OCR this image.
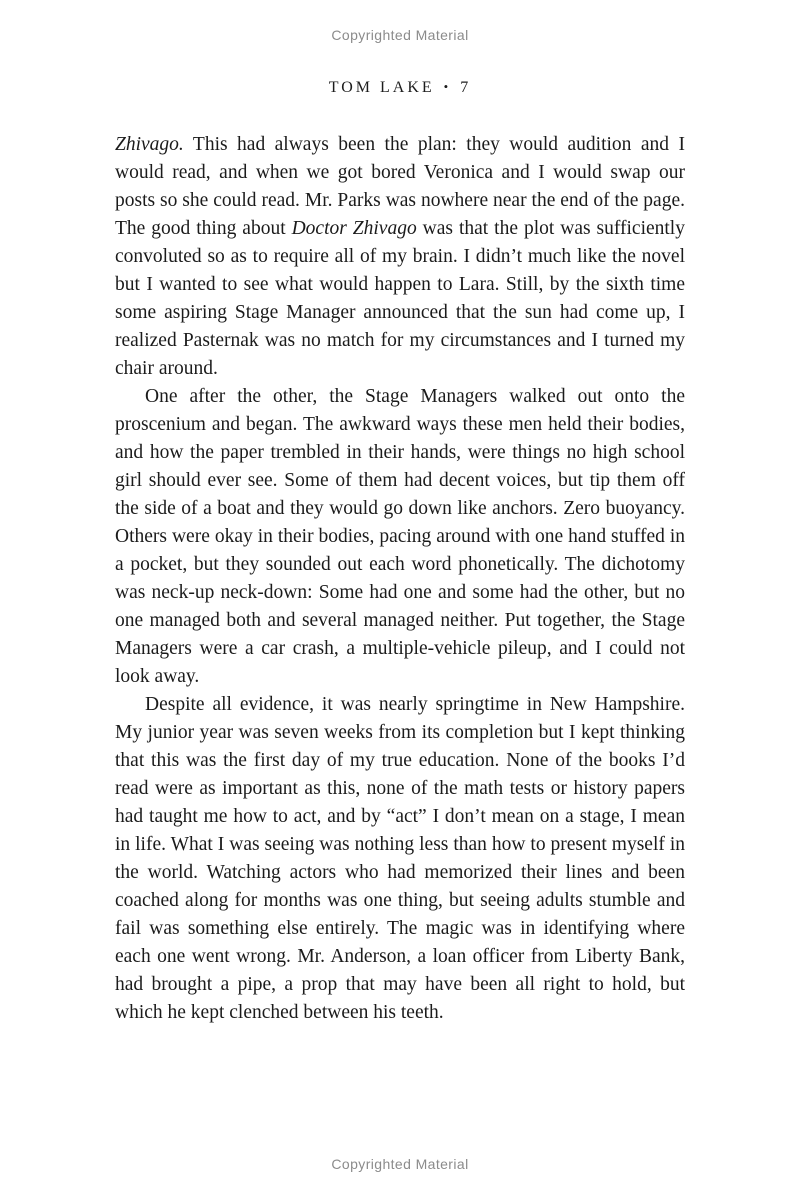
Copyrighted Material
TOM LAKE • 7

Zhivago. This had always been the plan: they would audition and I would read, and when we got bored Veronica and I would swap our posts so she could read. Mr. Parks was nowhere near the end of the page. The good thing about Doctor Zhivago was that the plot was sufficiently convoluted so as to require all of my brain. I didn’t much like the novel but I wanted to see what would happen to Lara. Still, by the sixth time some aspiring Stage Manager announced that the sun had come up, I realized Pasternak was no match for my circumstances and I turned my chair around.

One after the other, the Stage Managers walked out onto the proscenium and began. The awkward ways these men held their bodies, and how the paper trembled in their hands, were things no high school girl should ever see. Some of them had decent voices, but tip them off the side of a boat and they would go down like anchors. Zero buoyancy. Others were okay in their bodies, pacing around with one hand stuffed in a pocket, but they sounded out each word phonetically. The dichotomy was neck-up neck-down: Some had one and some had the other, but no one managed both and several managed neither. Put together, the Stage Managers were a car crash, a multiple-vehicle pileup, and I could not look away.

Despite all evidence, it was nearly springtime in New Hampshire. My junior year was seven weeks from its completion but I kept thinking that this was the first day of my true education. None of the books I’d read were as important as this, none of the math tests or history papers had taught me how to act, and by “act” I don’t mean on a stage, I mean in life. What I was seeing was nothing less than how to present myself in the world. Watching actors who had memorized their lines and been coached along for months was one thing, but seeing adults stumble and fail was something else entirely. The magic was in identifying where each one went wrong. Mr. Anderson, a loan officer from Liberty Bank, had brought a pipe, a prop that may have been all right to hold, but which he kept clenched between his teeth.

Copyrighted Material
